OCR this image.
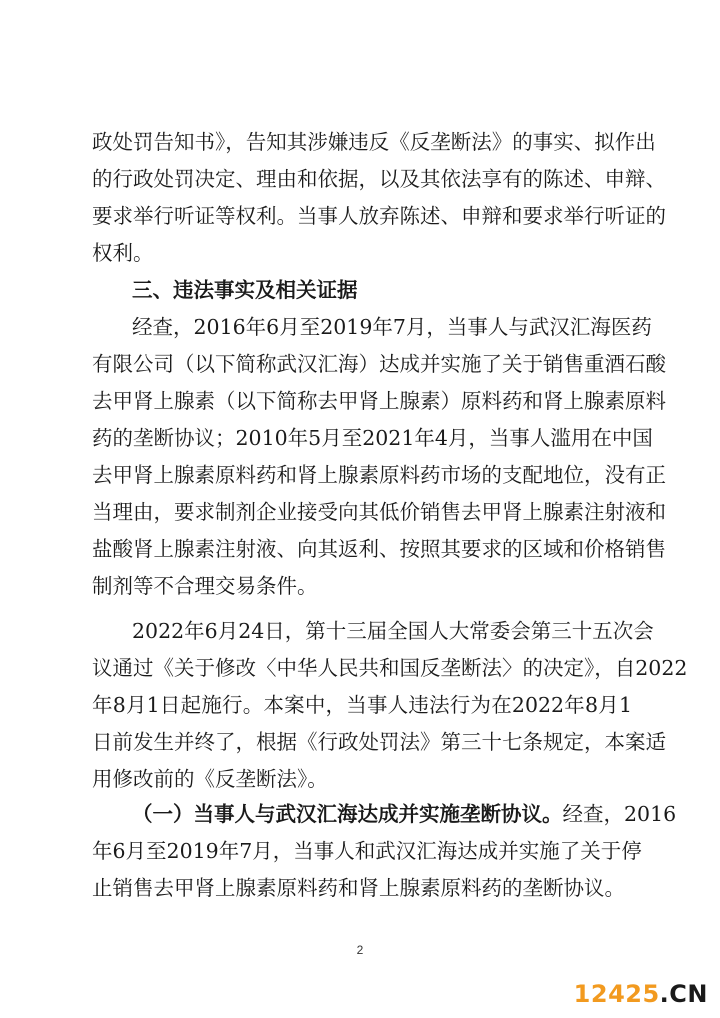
政处罚告知书》，告知其涉嫌违反《反垄断法》的事实、拟作出
的行政处罚决定、理由和依据，以及其依法享有的陈述、申辩、
要求举行听证等权利。当事人放弃陈述、申辩和要求举行听证的
权利。
三、违法事实及相关证据
经查，2016年6月至2019年7月，当事人与武汉汇海医药
有限公司（以下简称武汉汇海）达成并实施了关于销售重酒石酸
去甲肾上腺素（以下简称去甲肾上腺素）原料药和肾上腺素原料
药的垄断协议；2010年5月至2021年4月，当事人滥用在中国
去甲肾上腺素原料药和肾上腺素原料药市场的支配地位，没有正
当理由，要求制剂企业接受向其低价销售去甲肾上腺素注射液和
盐酸肾上腺素注射液、向其返利、按照其要求的区域和价格销售
制剂等不合理交易条件。
2022年6月24日，第十三届全国人大常委会第三十五次会
议通过《关于修改〈中华人民共和国反垄断法〉的决定》，自2022
年8月1日起施行。本案中，当事人违法行为在2022年8月1
日前发生并终了，根据《行政处罚法》第三十七条规定，本案适
用修改前的《反垄断法》。
（一）当事人与武汉汇海达成并实施垄断协议。经查，2016
年6月至2019年7月，当事人和武汉汇海达成并实施了关于停
止销售去甲肾上腺素原料药和肾上腺素原料药的垄断协议。
2
12425.CN
